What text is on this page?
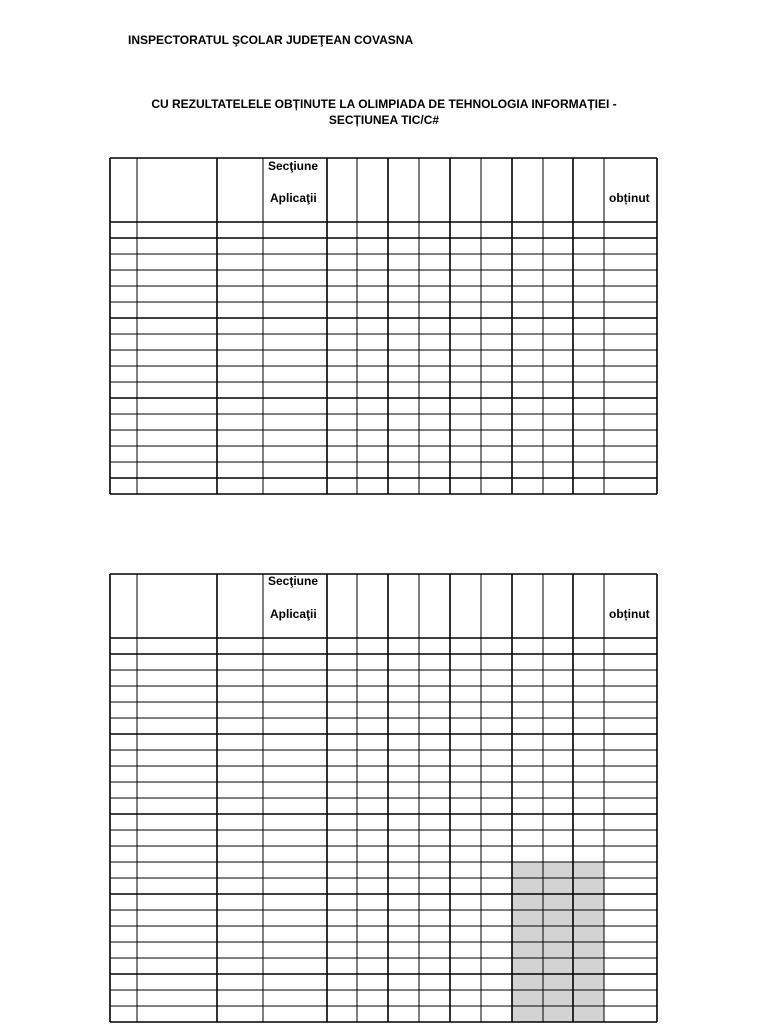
INSPECTORATUL ŞCOLAR JUDEŢEAN COVASNA
CU REZULTATELELE OBȚINUTE LA OLIMPIADA DE TEHNOLOGIA INFORMAȚIEI -
SECȚIUNEA TIC/C#
Secţiune
Aplicaţii	obținut
Secţiune
Aplicaţii	obținut
